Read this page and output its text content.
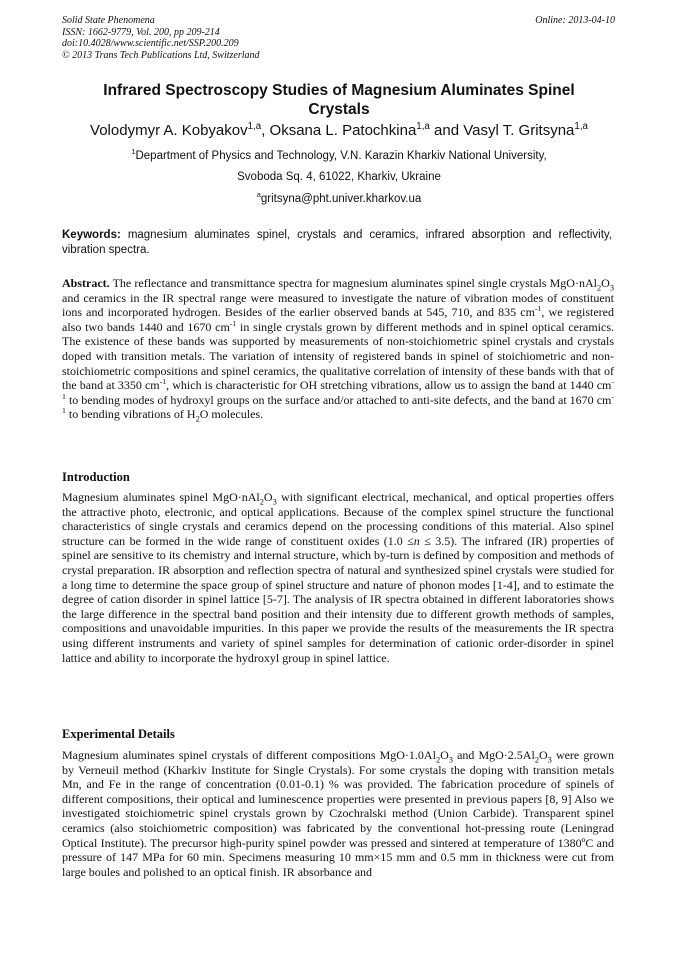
Solid State Phenomena
ISSN: 1662-9779, Vol. 200, pp 209-214
doi:10.4028/www.scientific.net/SSP.200.209
© 2013 Trans Tech Publications Ltd, Switzerland
Online: 2013-04-10
Infrared Spectroscopy Studies of Magnesium Aluminates Spinel
Crystals
Volodymyr A. Kobyakov$^{1,a}$, Oksana L. Patochkina$^{1,a}$ and Vasyl T. Gritsyna$^{1,a}$
$^1$Department of Physics and Technology, V.N. Karazin Kharkiv National University,
Svoboda Sq. 4, 61022, Kharkiv, Ukraine
$^a$gritsyna@pht.univer.kharkov.ua
Keywords: magnesium aluminates spinel, crystals and ceramics, infrared absorption and reflectivity, vibration spectra.
Abstract. The reflectance and transmittance spectra for magnesium aluminates spinel single crystals $MgO\cdot nAl_2O_3$ and ceramics in the IR spectral range were measured to investigate the nature of vibration modes of constituent ions and incorporated hydrogen. Besides of the earlier observed bands at 545, 710, and 835 $cm^{-1}$, we registered also two bands 1440 and 1670 $cm^{-1}$ in single crystals grown by different methods and in spinel optical ceramics. The existence of these bands was supported by measurements of non-stoichiometric spinel crystals and crystals doped with transition metals. The variation of intensity of registered bands in spinel of stoichiometric and non-stoichiometric compositions and spinel ceramics, the qualitative correlation of intensity of these bands with that of the band at 3350 $cm^{-1}$, which is characteristic for OH stretching vibrations, allow us to assign the band at 1440 $cm^{-1}$ to bending modes of hydroxyl groups on the surface and/or attached to anti-site defects, and the band at 1670 $cm^{-1}$ to bending vibrations of $H_2O$ molecules.
Introduction
Magnesium aluminates spinel $MgO\cdot nAl_2O_3$ with significant electrical, mechanical, and optical properties offers the attractive photo, electronic, and optical applications. Because of the complex spinel structure the functional characteristics of single crystals and ceramics depend on the processing conditions of this material. Also spinel structure can be formed in the wide range of constituent oxides (1.0 ≤n ≤ 3.5). The infrared (IR) properties of spinel are sensitive to its chemistry and internal structure, which by-turn is defined by composition and methods of crystal preparation. IR absorption and reflection spectra of natural and synthesized spinel crystals were studied for a long time to determine the space group of spinel structure and nature of phonon modes [1-4], and to estimate the degree of cation disorder in spinel lattice [5-7]. The analysis of IR spectra obtained in different laboratories shows the large difference in the spectral band position and their intensity due to different growth methods of samples, compositions and unavoidable impurities. In this paper we provide the results of the measurements the IR spectra using different instruments and variety of spinel samples for determination of cationic order-disorder in spinel lattice and ability to incorporate the hydroxyl group in spinel lattice.
Experimental Details
Magnesium aluminates spinel crystals of different compositions $MgO\cdot 1.0Al_2O_3$ and $MgO\cdot 2.5Al_2O_3$ were grown by Verneuil method (Kharkiv Institute for Single Crystals). For some crystals the doping with transition metals Mn, and Fe in the range of concentration (0.01-0.1) % was provided. The fabrication procedure of spinels of different compositions, their optical and luminescence properties were presented in previous papers [8, 9] Also we investigated stoichiometric spinel crystals grown by Czochralski method (Union Carbide). Transparent spinel ceramics (also stoichiometric composition) was fabricated by the conventional hot-pressing route (Leningrad Optical Institute). The precursor high-purity spinel powder was pressed and sintered at temperature of 1380ºC and pressure of 147 MPa for 60 min. Specimens measuring 10 mm×15 mm and 0.5 mm in thickness were cut from large boules and polished to an optical finish. IR absorbance and
